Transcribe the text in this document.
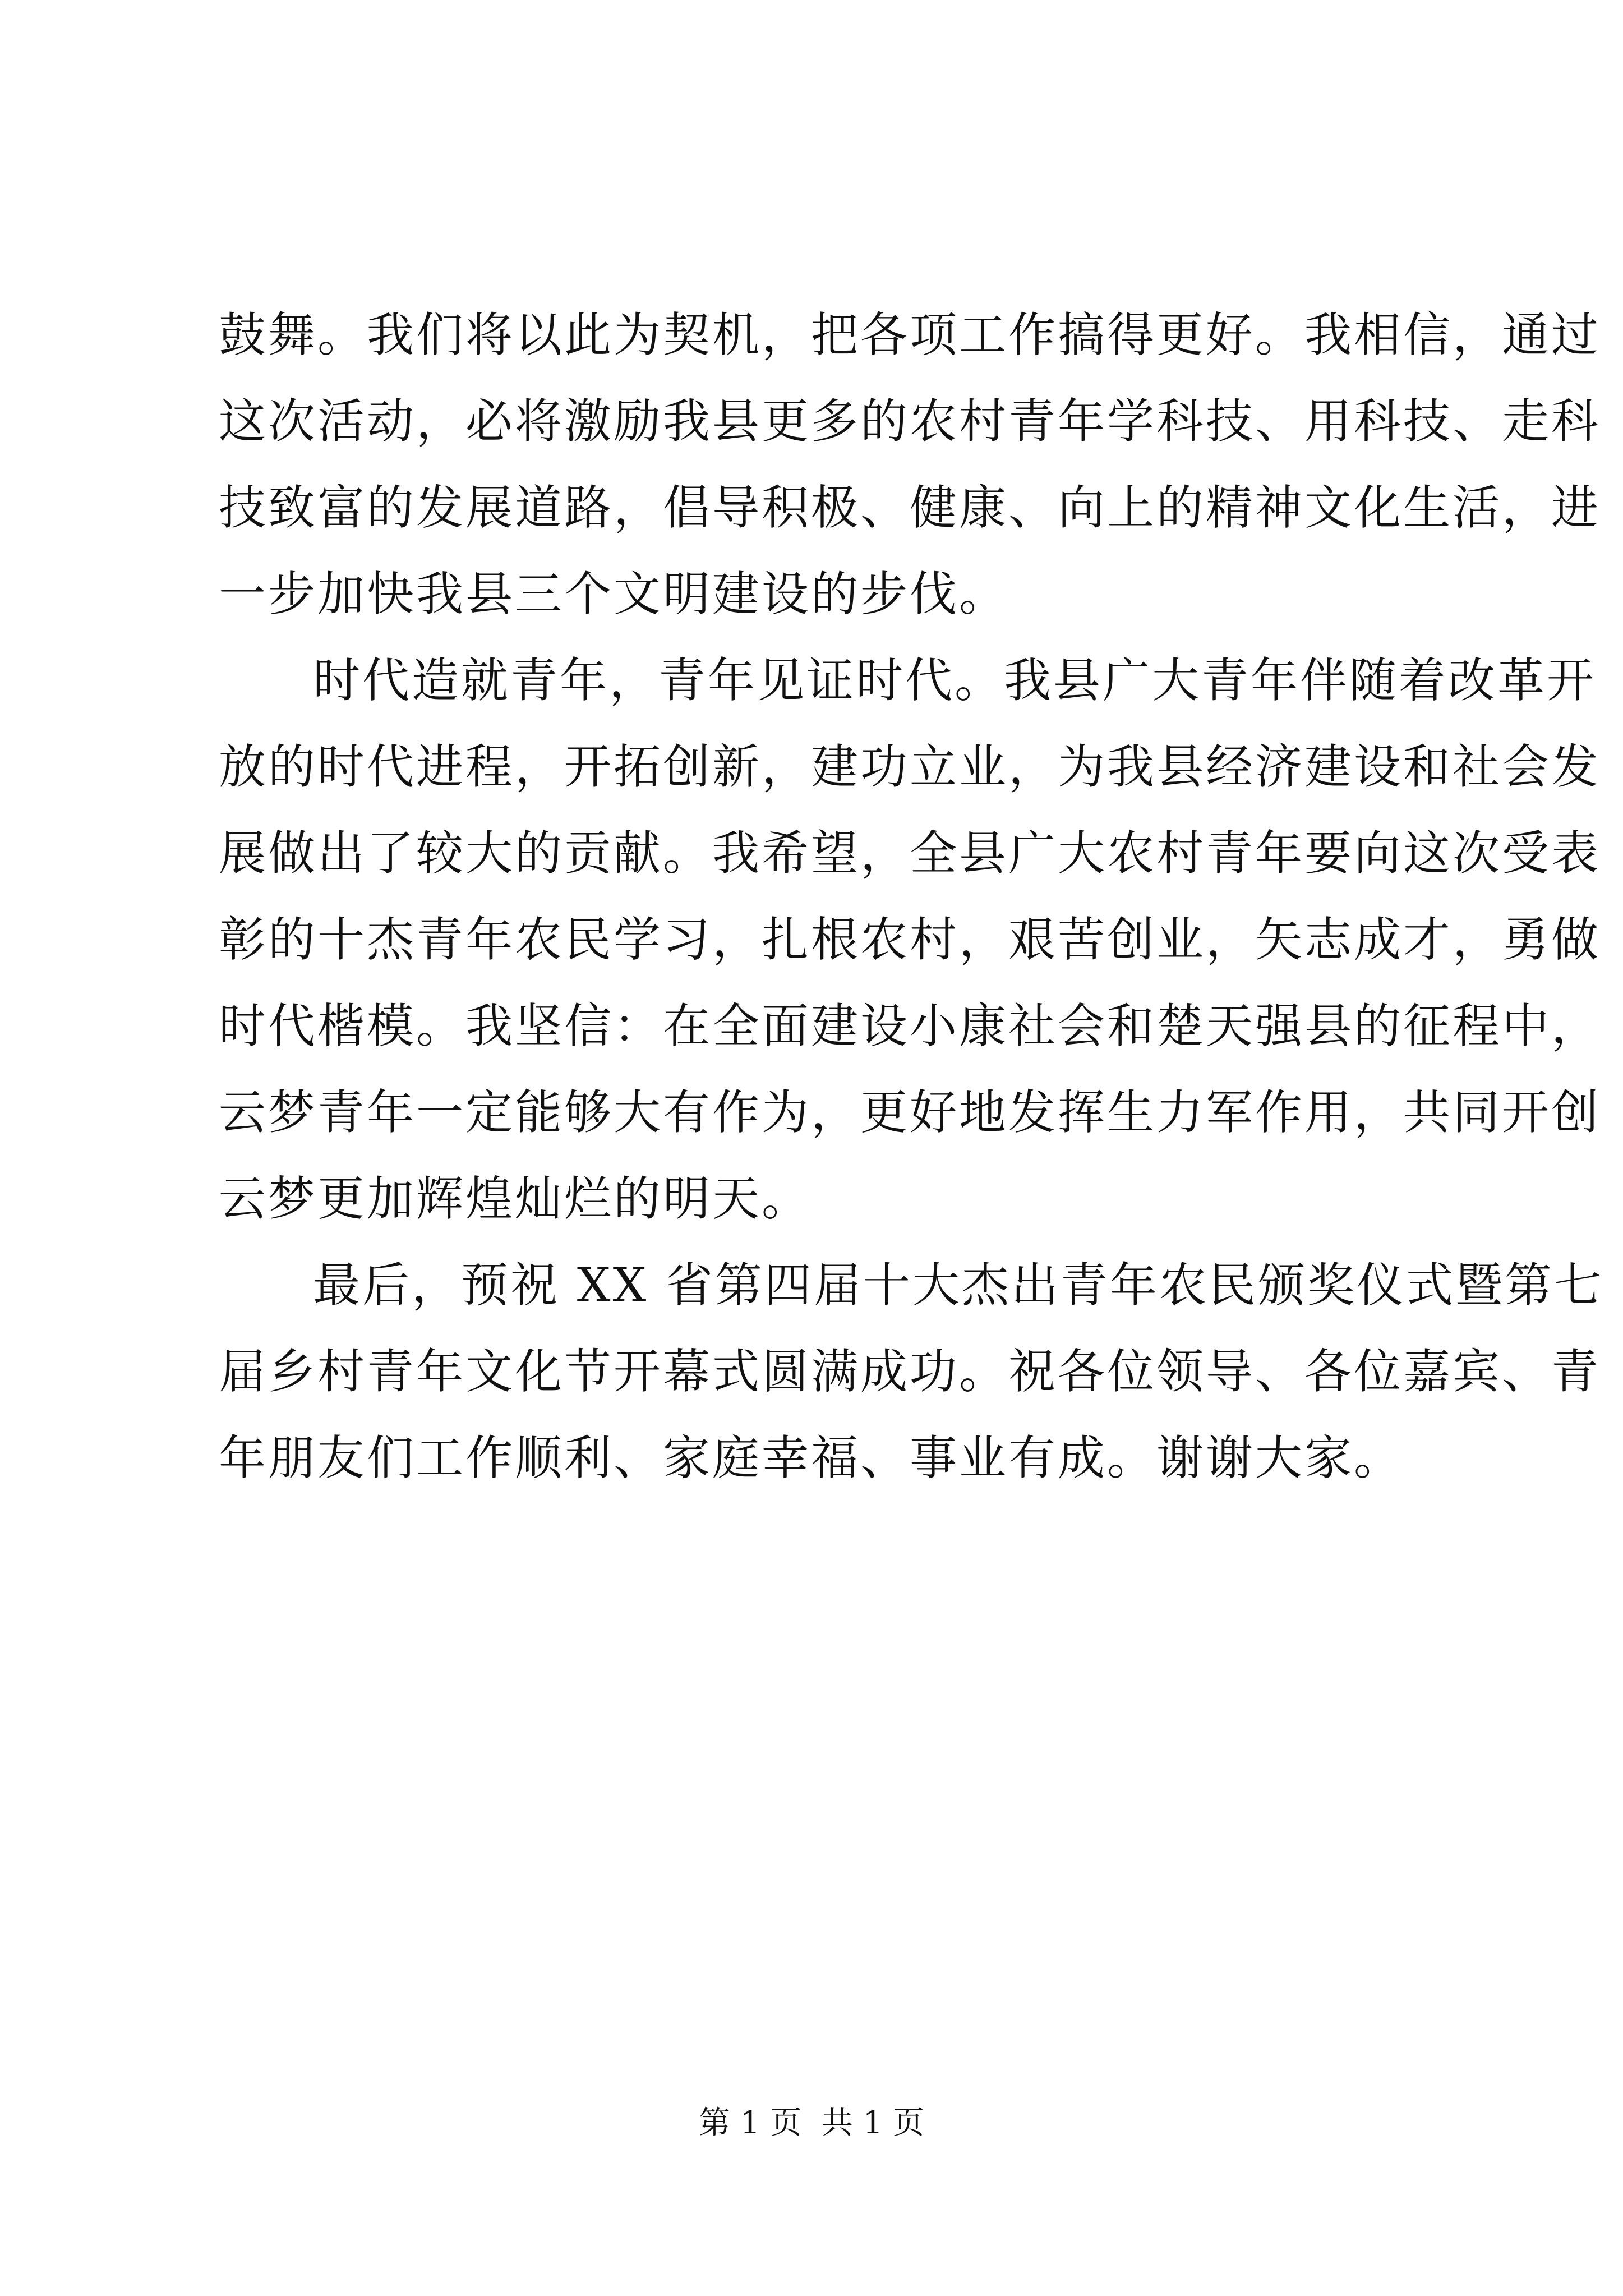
鼓舞。我们将以此为契机，把各项工作搞得更好。我相信，通过
这次活动，必将激励我县更多的农村青年学科技、用科技、走科
技致富的发展道路，倡导积极、健康、向上的精神文化生活，进
一步加快我县三个文明建设的步伐。
时代造就青年，青年见证时代。我县广大青年伴随着改革开
放的时代进程，开拓创新，建功立业，为我县经济建设和社会发
展做出了较大的贡献。我希望，全县广大农村青年要向这次受表
彰的十杰青年农民学习，扎根农村，艰苦创业，矢志成才，勇做
时代楷模。我坚信：在全面建设小康社会和楚天强县的征程中，
云梦青年一定能够大有作为，更好地发挥生力军作用，共同开创
云梦更加辉煌灿烂的明天。
最后，预祝 XX 省第四届十大杰出青年农民颁奖仪式暨第七
届乡村青年文化节开幕式圆满成功。祝各位领导、各位嘉宾、青
年朋友们工作顺利、家庭幸福、事业有成。谢谢大家。
第 1 页  共 1 页
